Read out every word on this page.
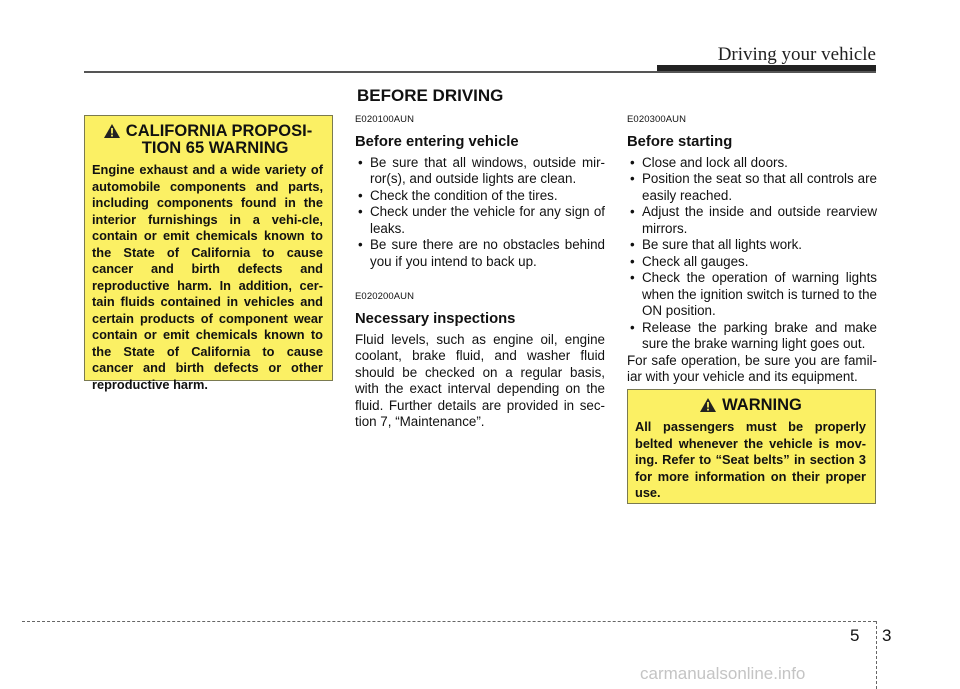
Driving your vehicle
BEFORE DRIVING
CALIFORNIA PROPOSI-
TION 65 WARNING
Engine exhaust and a wide variety of automobile components and parts, including components found in the interior furnishings in a vehi-cle, contain or emit chemicals known to the State of California to cause cancer and birth defects and reproductive harm. In addition, cer-tain fluids contained in vehicles and certain products of component wear contain or emit chemicals known to the State of California to cause cancer and birth defects or other reproductive harm.
E020100AUN
Before entering vehicle
• Be sure that all windows, outside mir-ror(s), and outside lights are clean.
• Check the condition of the tires.
• Check under the vehicle for any sign of leaks.
• Be sure there are no obstacles behind you if you intend to back up.
E020200AUN
Necessary inspections

Fluid levels, such as engine oil, engine coolant, brake fluid, and washer fluid should be checked on a regular basis, with the exact interval depending on the fluid. Further details are provided in sec-tion 7, “Maintenance”.

E020300AUN
Before starting
• Close and lock all doors.
• Position the seat so that all controls are easily reached.
• Adjust the inside and outside rearview mirrors.
• Be sure that all lights work.
• Check all gauges.
• Check the operation of warning lights when the ignition switch is turned to the ON position.
• Release the parking brake and make sure the brake warning light goes out.

For safe operation, be sure you are famil-iar with your vehicle and its equipment.

WARNING
All passengers must be properly belted whenever the vehicle is mov-ing. Refer to “Seat belts” in section 3 for more information on their proper use.
5 3
carmanualsonline.info
